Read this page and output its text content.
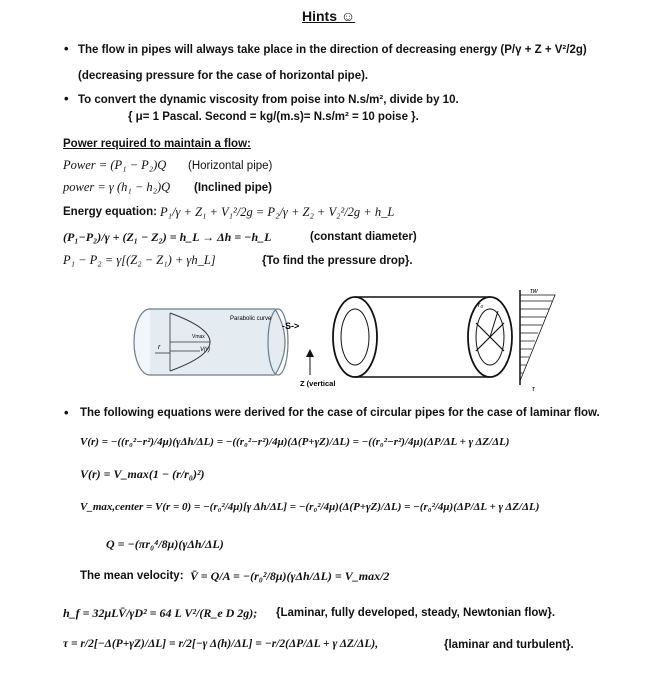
Hints ☺
• The flow in pipes will always take place in the direction of decreasing energy (P/γ + Z + V²/2g)
(decreasing pressure for the case of horizontal pipe).
• To convert the dynamic viscosity from poise into N.s/m², divide by 10.
{ μ= 1 Pascal. Second = kg/(m.s)= N.s/m² = 10 poise }.
Power required to maintain a flow:
Power = (P₁ − P₂)Q (Horizontal pipe)
power = γ (h₁ − h₂)Q (Inclined pipe)
Energy equation: P₁/γ + Z₁ + V₁²/2g = P₂/γ + Z₂ + V₂²/2g + h_L
(P₁−P₂)/γ + (Z₁ − Z₂) = h_L → Δh = −h_L	(constant diameter)
P₁ − P₂ = γ[(Z₂ − Z₁) + γh_L]	{To find the pressure drop}.
Parabolic curve
Vmax
V(r)
r
-S->
Z (vertical
r₀
τw
τ
• The following equations were derived for the case of circular pipes for the case of laminar flow.
V(r) = −((r₀²−r²)/4μ)(γΔh/ΔL) = −((r₀²−r²)/4μ)(Δ(P+γZ)/ΔL) = −((r₀²−r²)/4μ)(ΔP/ΔL + γ ΔZ/ΔL)
V(r) = V_max(1 − (r/r₀)²)
V_max,center = V(r = 0) = −(r₀²/4μ)[γ Δh/ΔL] = −(r₀²/4μ)(Δ(P+γZ)/ΔL) = −(r₀²/4μ)(ΔP/ΔL + γ ΔZ/ΔL)
Q = −(πr₀⁴/8μ)(γΔh/ΔL)
The mean velocity: V̄ = Q/A = −(r₀²/8μ)(γΔh/ΔL) = V_max/2
h_f = 32μLV̄/γD² = 64 L V²/(R_e D 2g); {Laminar, fully developed, steady, Newtonian flow}.
τ = r/2[−Δ(P+γZ)/ΔL] = r/2[−γ Δ(h)/ΔL] = −r/2(ΔP/ΔL + γ ΔZ/ΔL),	{laminar and turbulent}.
